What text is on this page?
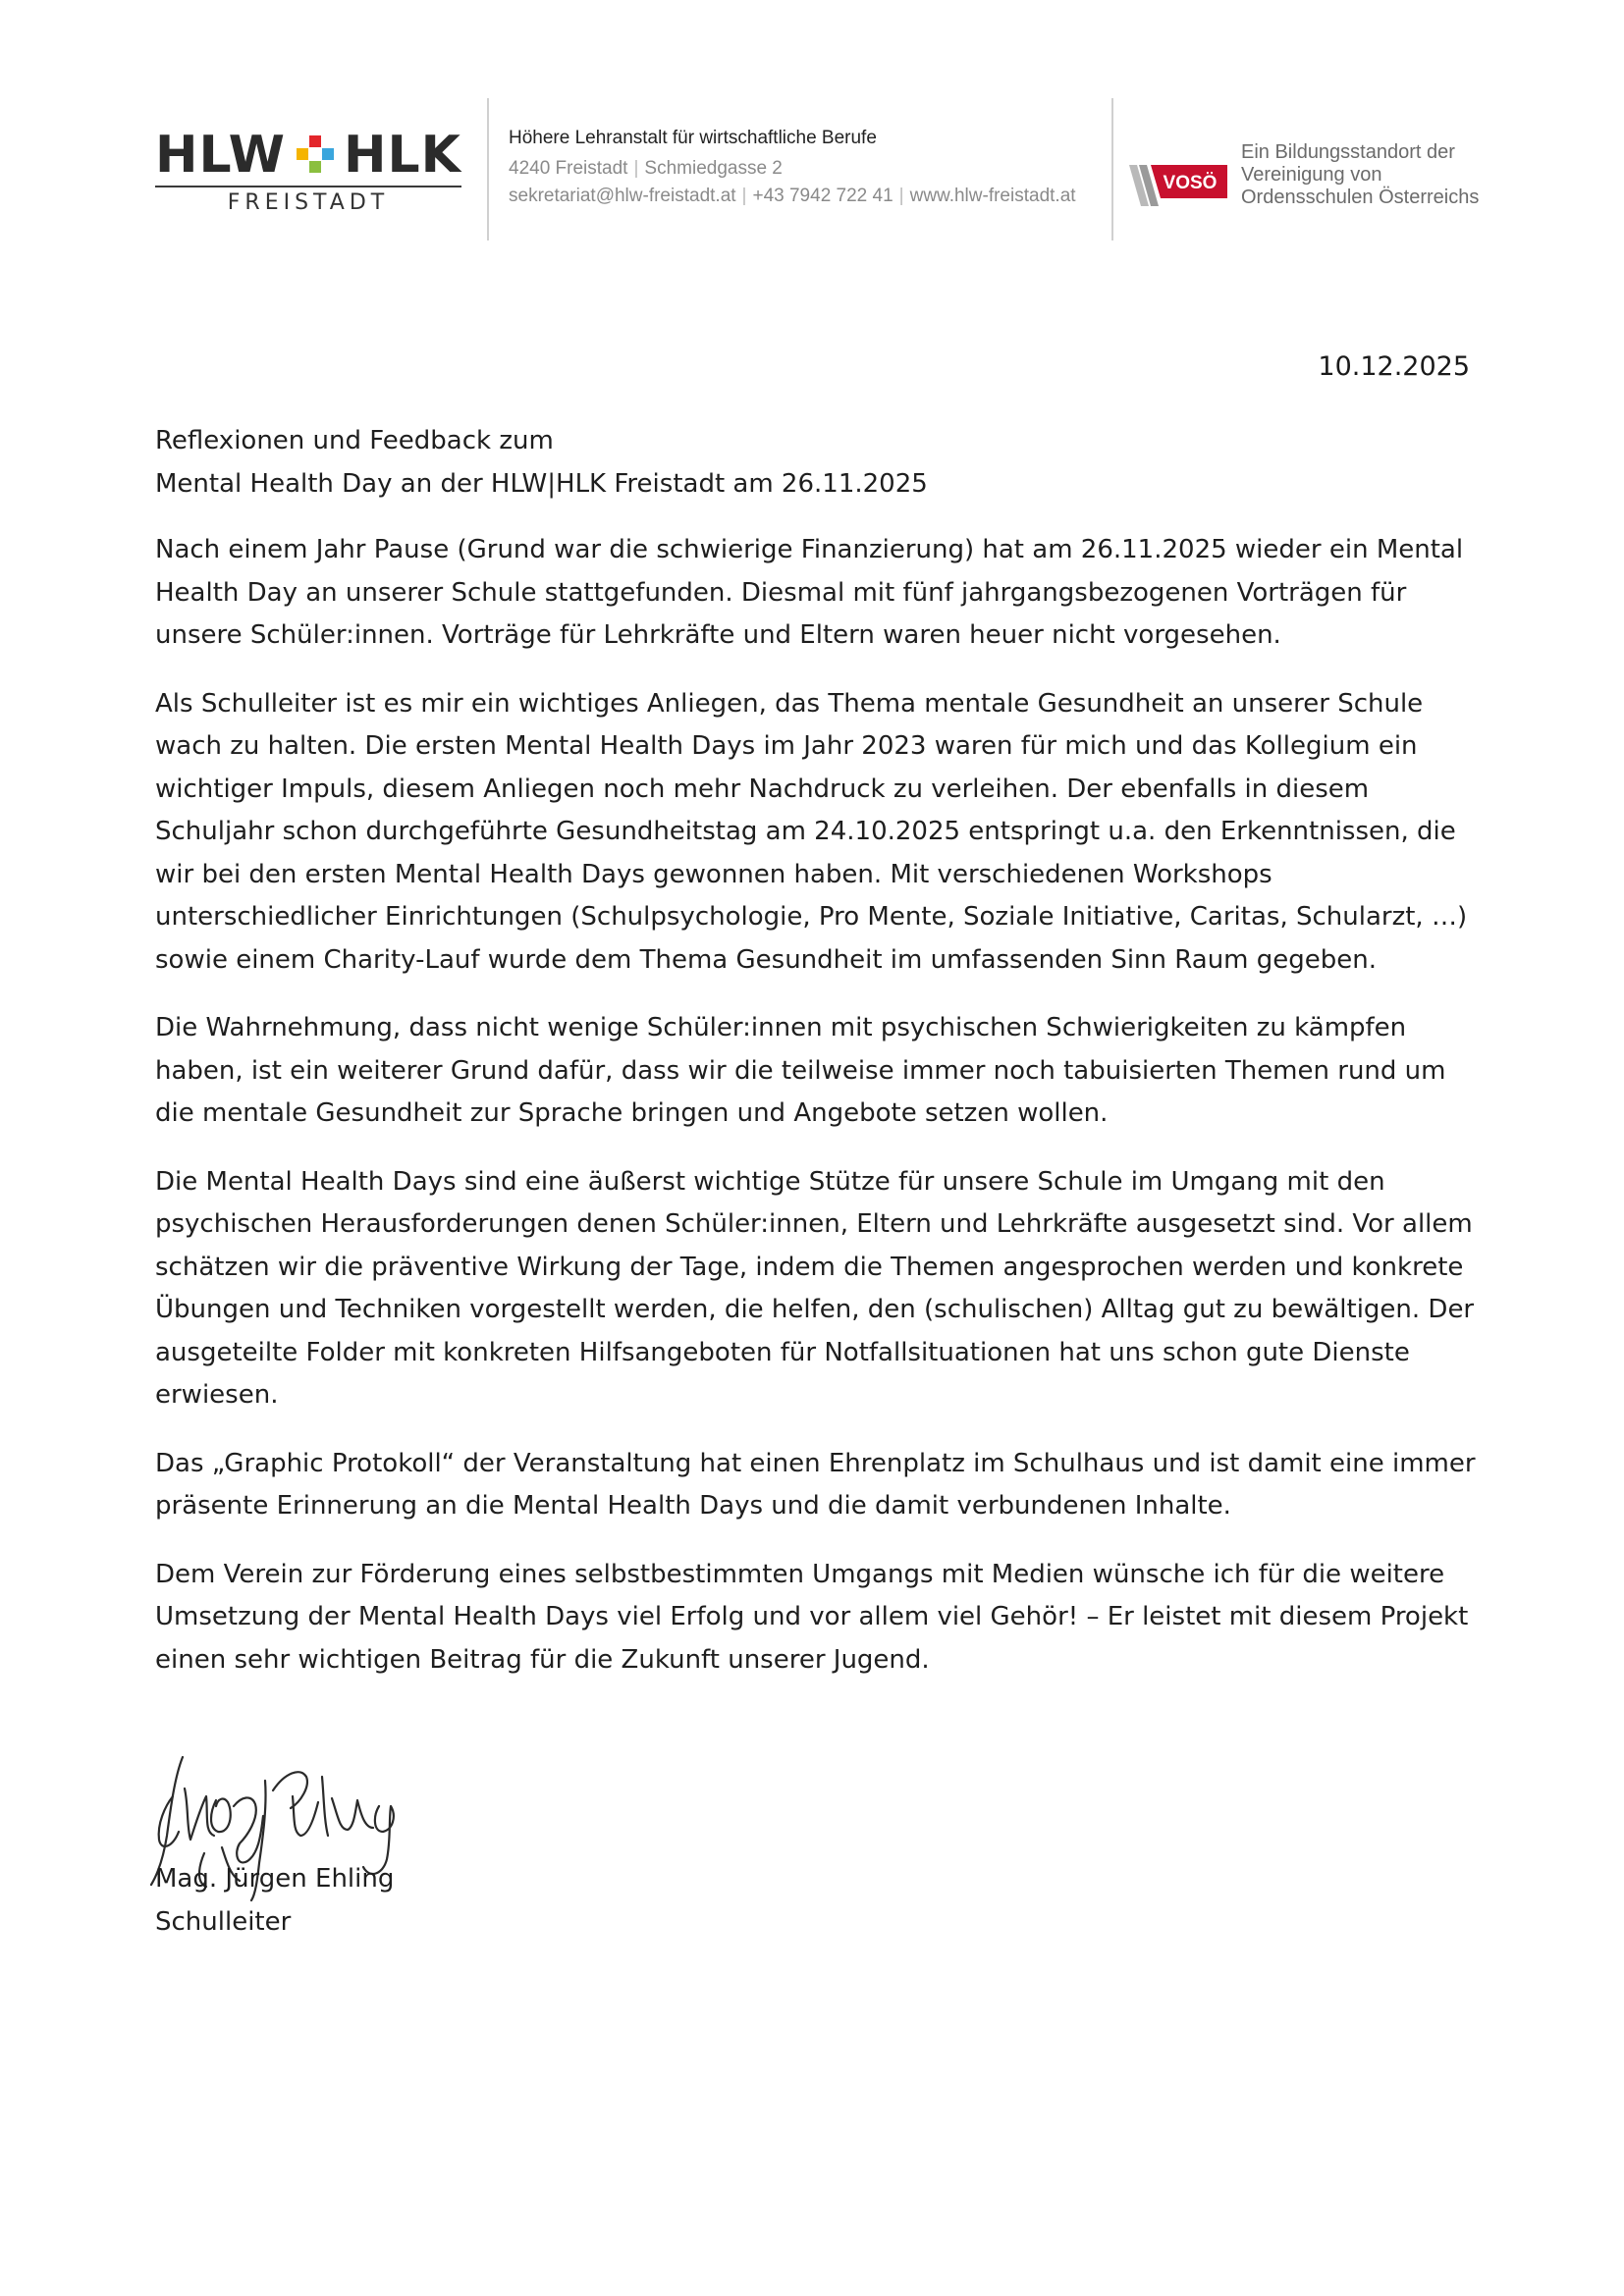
HLW HLK
FREISTADT

Höhere Lehranstalt für wirtschaftliche Berufe

4240 Freistadt | Schmiedgasse 2

sekretariat@hlw-freistadt.at | +43 7942 722 41 | www.hlw-freistadt.at

VOSÖ
Ein Bildungsstandort der
Vereinigung von
Ordensschulen Österreichs
10.12.2025
Reflexionen und Feedback zum
Mental Health Day an der HLW|HLK Freistadt am 26.11.2025

Nach einem Jahr Pause (Grund war die schwierige Finanzierung) hat am 26.11.2025 wieder ein Mental Health Day an unserer Schule stattgefunden. Diesmal mit fünf jahrgangsbezogenen Vorträgen für unsere Schüler:innen. Vorträge für Lehrkräfte und Eltern waren heuer nicht vorgesehen.

Als Schulleiter ist es mir ein wichtiges Anliegen, das Thema mentale Gesundheit an unserer Schule wach zu halten. Die ersten Mental Health Days im Jahr 2023 waren für mich und das Kollegium ein wichtiger Impuls, diesem Anliegen noch mehr Nachdruck zu verleihen. Der ebenfalls in diesem Schuljahr schon durchgeführte Gesundheitstag am 24.10.2025 entspringt u.a. den Erkenntnissen, die wir bei den ersten Mental Health Days gewonnen haben. Mit verschiedenen Workshops unterschiedlicher Einrichtungen (Schulpsychologie, Pro Mente, Soziale Initiative, Caritas, Schularzt, …) sowie einem Charity-Lauf wurde dem Thema Gesundheit im umfassenden Sinn Raum gegeben.

Die Wahrnehmung, dass nicht wenige Schüler:innen mit psychischen Schwierigkeiten zu kämpfen haben, ist ein weiterer Grund dafür, dass wir die teilweise immer noch tabuisierten Themen rund um die mentale Gesundheit zur Sprache bringen und Angebote setzen wollen.

Die Mental Health Days sind eine äußerst wichtige Stütze für unsere Schule im Umgang mit den psychischen Herausforderungen denen Schüler:innen, Eltern und Lehrkräfte ausgesetzt sind. Vor allem schätzen wir die präventive Wirkung der Tage, indem die Themen angesprochen werden und konkrete Übungen und Techniken vorgestellt werden, die helfen, den (schulischen) Alltag gut zu bewältigen. Der ausgeteilte Folder mit konkreten Hilfsangeboten für Notfallsituationen hat uns schon gute Dienste erwiesen.

Das „Graphic Protokoll“ der Veranstaltung hat einen Ehrenplatz im Schulhaus und ist damit eine immer präsente Erinnerung an die Mental Health Days und die damit verbundenen Inhalte.

Dem Verein zur Förderung eines selbstbestimmten Umgangs mit Medien wünsche ich für die weitere Umsetzung der Mental Health Days viel Erfolg und vor allem viel Gehör! – Er leistet mit diesem Projekt einen sehr wichtigen Beitrag für die Zukunft unserer Jugend.

Mag. Jürgen Ehling
Schulleiter
